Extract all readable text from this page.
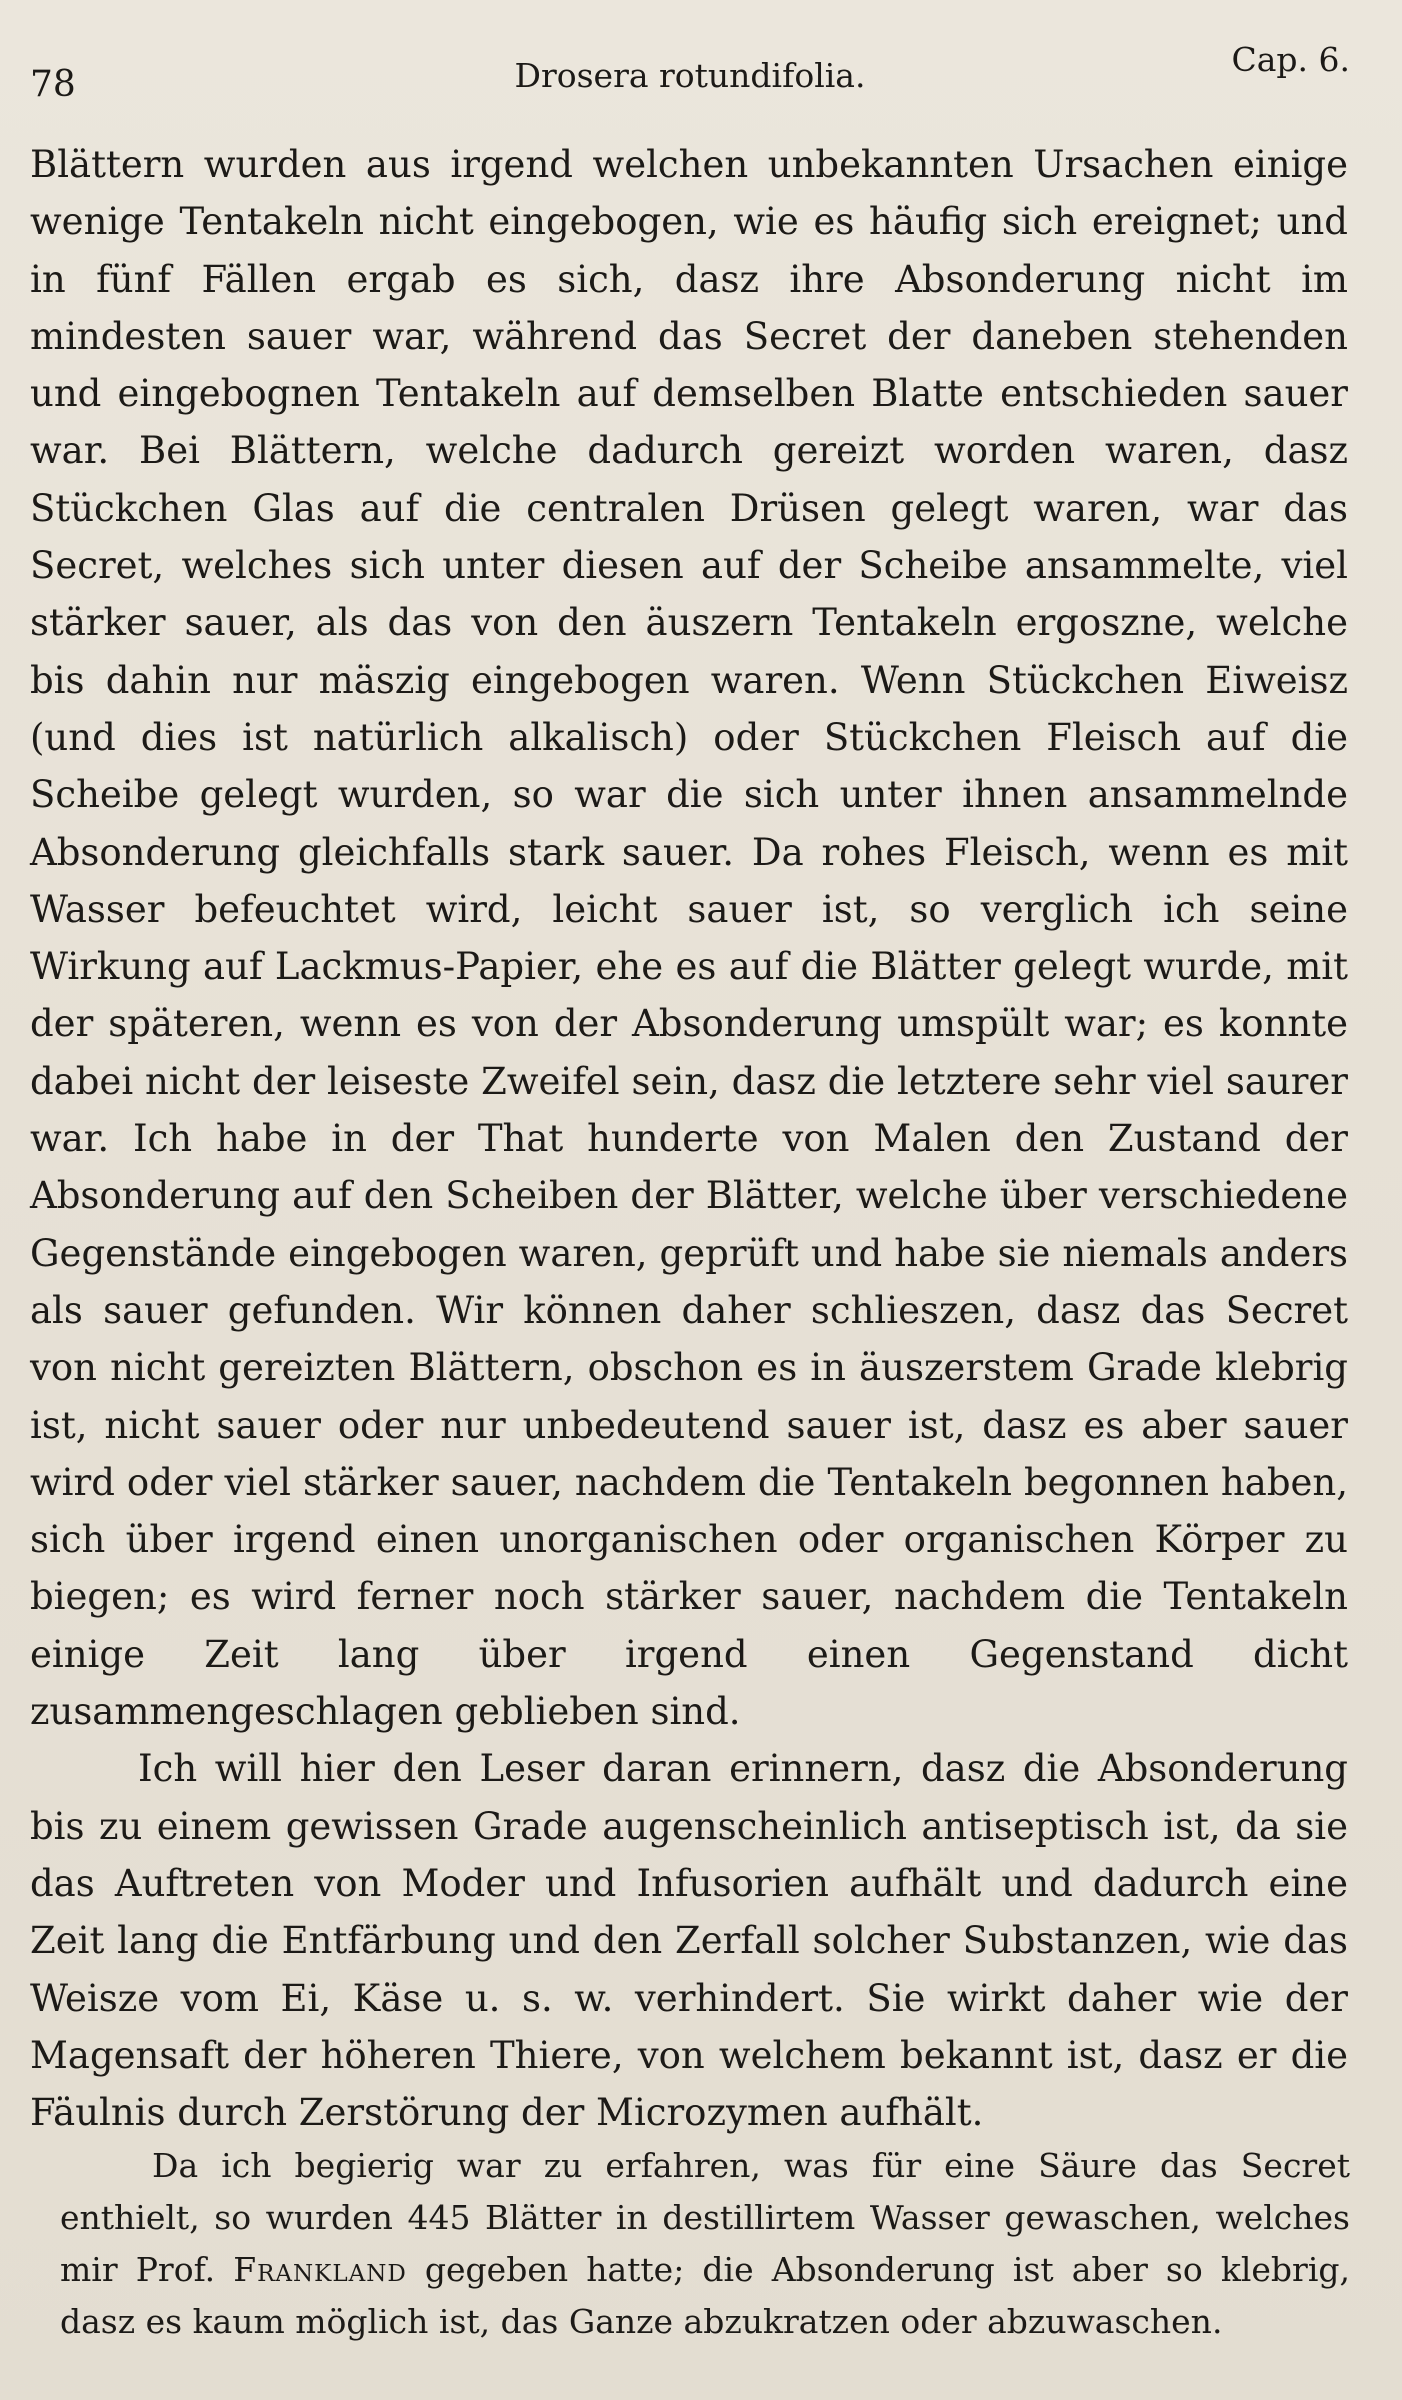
78	Drosera rotundifolia.	Cap. 6.

Blättern wurden aus irgend welchen unbekannten Ursachen einige wenige Tentakeln nicht eingebogen, wie es häufig sich ereignet; und in fünf Fällen ergab es sich, dasz ihre Absonderung nicht im mindesten sauer war, während das Secret der daneben stehenden und eingebognen Tentakeln auf demselben Blatte entschieden sauer war. Bei Blättern, welche dadurch gereizt worden waren, dasz Stückchen Glas auf die centralen Drüsen gelegt waren, war das Secret, welches sich unter diesen auf der Scheibe ansammelte, viel stärker sauer, als das von den äuszern Tentakeln ergoszne, welche bis dahin nur mäszig eingebogen waren. Wenn Stückchen Eiweisz (und dies ist natürlich alkalisch) oder Stückchen Fleisch auf die Scheibe gelegt wurden, so war die sich unter ihnen ansammelnde Absonderung gleichfalls stark sauer. Da rohes Fleisch, wenn es mit Wasser befeuchtet wird, leicht sauer ist, so verglich ich seine Wirkung auf Lackmus-Papier, ehe es auf die Blätter gelegt wurde, mit der späteren, wenn es von der Absonderung umspült war; es konnte dabei nicht der leiseste Zweifel sein, dasz die letztere sehr viel saurer war. Ich habe in der That hunderte von Malen den Zustand der Absonderung auf den Scheiben der Blätter, welche über verschiedene Gegenstände eingebogen waren, geprüft und habe sie niemals anders als sauer gefunden. Wir können daher schlieszen, dasz das Secret von nicht gereizten Blättern, obschon es in äuszerstem Grade klebrig ist, nicht sauer oder nur unbedeutend sauer ist, dasz es aber sauer wird oder viel stärker sauer, nachdem die Tentakeln begonnen haben, sich über irgend einen unorganischen oder organischen Körper zu biegen; es wird ferner noch stärker sauer, nachdem die Tentakeln einige Zeit lang über irgend einen Gegenstand dicht zusammengeschlagen geblieben sind.

Ich will hier den Leser daran erinnern, dasz die Absonderung bis zu einem gewissen Grade augenscheinlich antiseptisch ist, da sie das Auftreten von Moder und Infusorien aufhält und dadurch eine Zeit lang die Entfärbung und den Zerfall solcher Substanzen, wie das Weisze vom Ei, Käse u. s. w. verhindert. Sie wirkt daher wie der Magensaft der höheren Thiere, von welchem bekannt ist, dasz er die Fäulnis durch Zerstörung der Microzymen aufhält.

Da ich begierig war zu erfahren, was für eine Säure das Secret enthielt, so wurden 445 Blätter in destillirtem Wasser gewaschen, welches mir Prof. Frankland gegeben hatte; die Absonderung ist aber so klebrig, dasz es kaum möglich ist, das Ganze abzukratzen oder abzuwaschen.
